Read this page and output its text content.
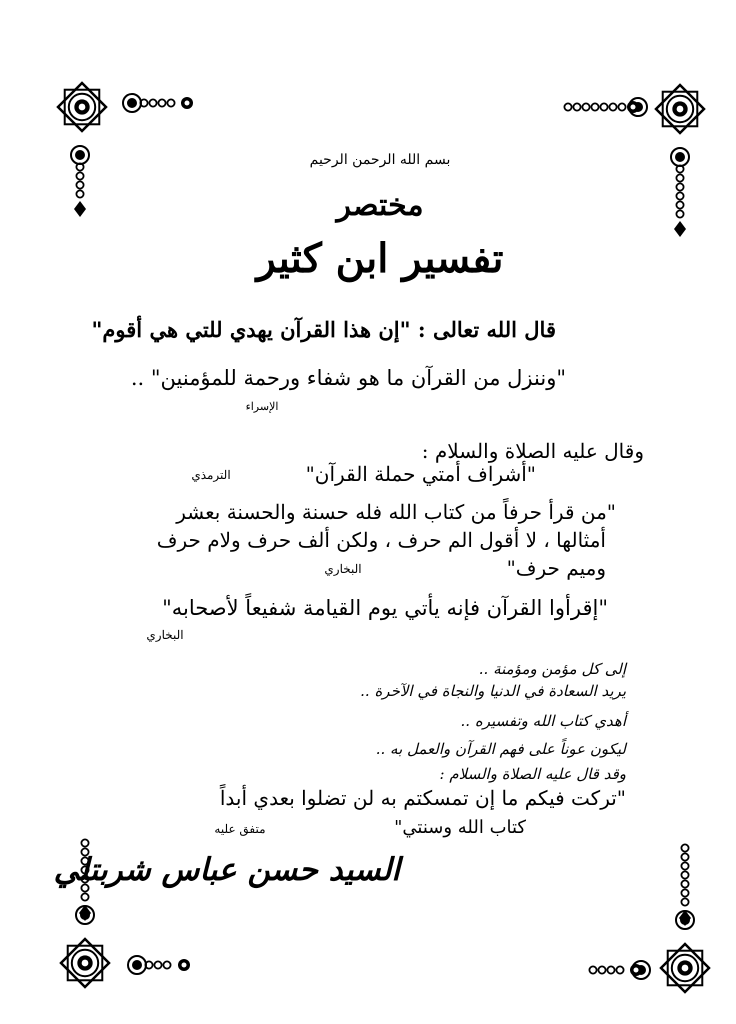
بسم الله الرحمن الرحيم
مختصر
تفسير ابن كثير
قال الله تعالى : "إن هذا القرآن يهدي للتي هي أقوم"
"وننزل من القرآن ما هو شفاء ورحمة للمؤمنين" ..
الإسراء
وقال عليه الصلاة والسلام :
"أشراف أمتي حملة القرآن"
الترمذي
"من قرأ حرفاً من كتاب الله فله حسنة والحسنة بعشر
أمثالها ، لا أقول الم حرف ، ولكن ألف حرف ولام حرف
وميم حرف"
البخاري
"إقرأوا القرآن فإنه يأتي يوم القيامة شفيعاً لأصحابه"
البخاري
إلى كل مؤمن ومؤمنة ..
يريد السعادة في الدنيا والنجاة في الآخرة ..
أهدي كتاب الله وتفسيره ..
ليكون عوناً على فهم القرآن والعمل به ..
وقد قال عليه الصلاة والسلام :
"تركت فيكم ما إن تمسكتم به لن تضلوا بعدي أبداً
كتاب الله وسنتي"
متفق عليه
السيد حسن عباس شربتلي
